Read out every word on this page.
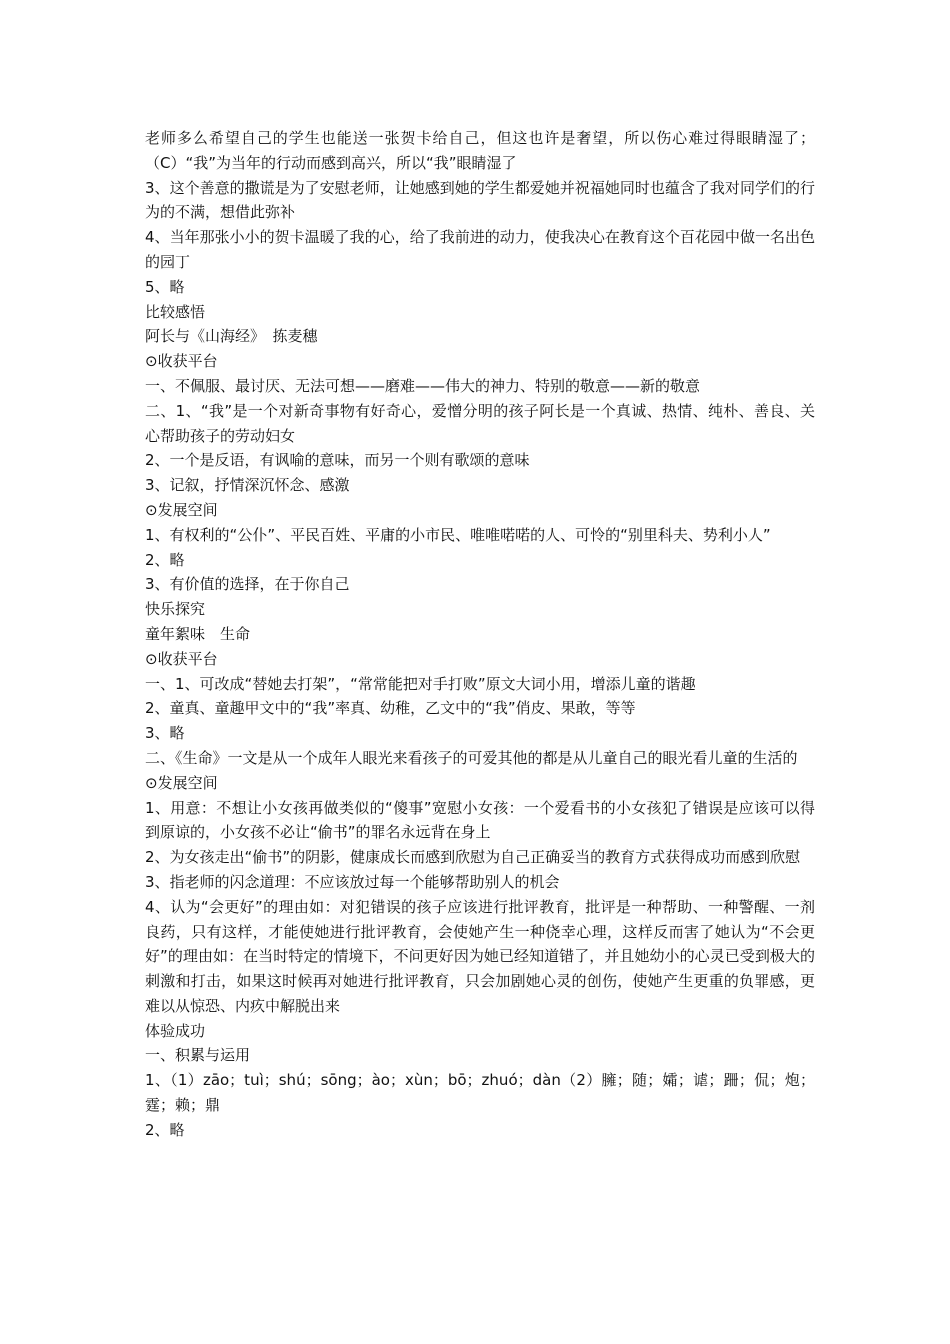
老师多么希望自己的学生也能送一张贺卡给自己，但这也许是奢望，所以伤心难过得眼睛湿了；（C）“我”为当年的行动而感到高兴，所以“我”眼睛湿了

3、这个善意的撒谎是为了安慰老师，让她感到她的学生都爱她并祝福她同时也蕴含了我对同学们的行为的不满，想借此弥补

4、当年那张小小的贺卡温暖了我的心，给了我前进的动力，使我决心在教育这个百花园中做一名出色的园丁

5、略

比较感悟

阿长与《山海经》　拣麦穗

⊙收获平台

一、不佩服、最讨厌、无法可想——磨难——伟大的神力、特别的敬意——新的敬意

二、1、“我”是一个对新奇事物有好奇心，爱憎分明的孩子阿长是一个真诚、热情、纯朴、善良、关心帮助孩子的劳动妇女

2、一个是反语，有讽喻的意味，而另一个则有歌颂的意味

3、记叙，抒情深沉怀念、感激

⊙发展空间

1、有权利的“公仆”、平民百姓、平庸的小市民、唯唯喏喏的人、可怜的“别里科夫、势利小人”

2、略

3、有价值的选择，在于你自己

快乐探究

童年絮味　生命

⊙收获平台

一、1、可改成“替她去打架”，“常常能把对手打败”原文大词小用，增添儿童的谐趣

2、童真、童趣甲文中的“我”率真、幼稚，乙文中的“我”俏皮、果敢，等等

3、略

二、《生命》一文是从一个成年人眼光来看孩子的可爱其他的都是从儿童自己的眼光看儿童的生活的

⊙发展空间

1、用意：不想让小女孩再做类似的“傻事”宽慰小女孩：一个爱看书的小女孩犯了错误是应该可以得到原谅的，小女孩不必让“偷书”的罪名永远背在身上

2、为女孩走出“偷书”的阴影，健康成长而感到欣慰为自己正确妥当的教育方式获得成功而感到欣慰

3、指老师的闪念道理：不应该放过每一个能够帮助别人的机会

4、认为“会更好”的理由如：对犯错误的孩子应该进行批评教育，批评是一种帮助、一种警醒、一剂良药，只有这样，才能使她进行批评教育，会使她产生一种侥幸心理，这样反而害了她认为“不会更好”的理由如：在当时特定的情境下，不问更好因为她已经知道错了，并且她幼小的心灵已受到极大的刺激和打击，如果这时候再对她进行批评教育，只会加剧她心灵的创伤，使她产生更重的负罪感，更难以从惊恐、内疚中解脱出来

体验成功

一、积累与运用

1、（1）zāo；tuì；shú；sōng；ào；xùn；bō；zhuó；dàn（2）臃；随；孀；谑；跚；侃；炮；霆；赖；鼎

2、略
